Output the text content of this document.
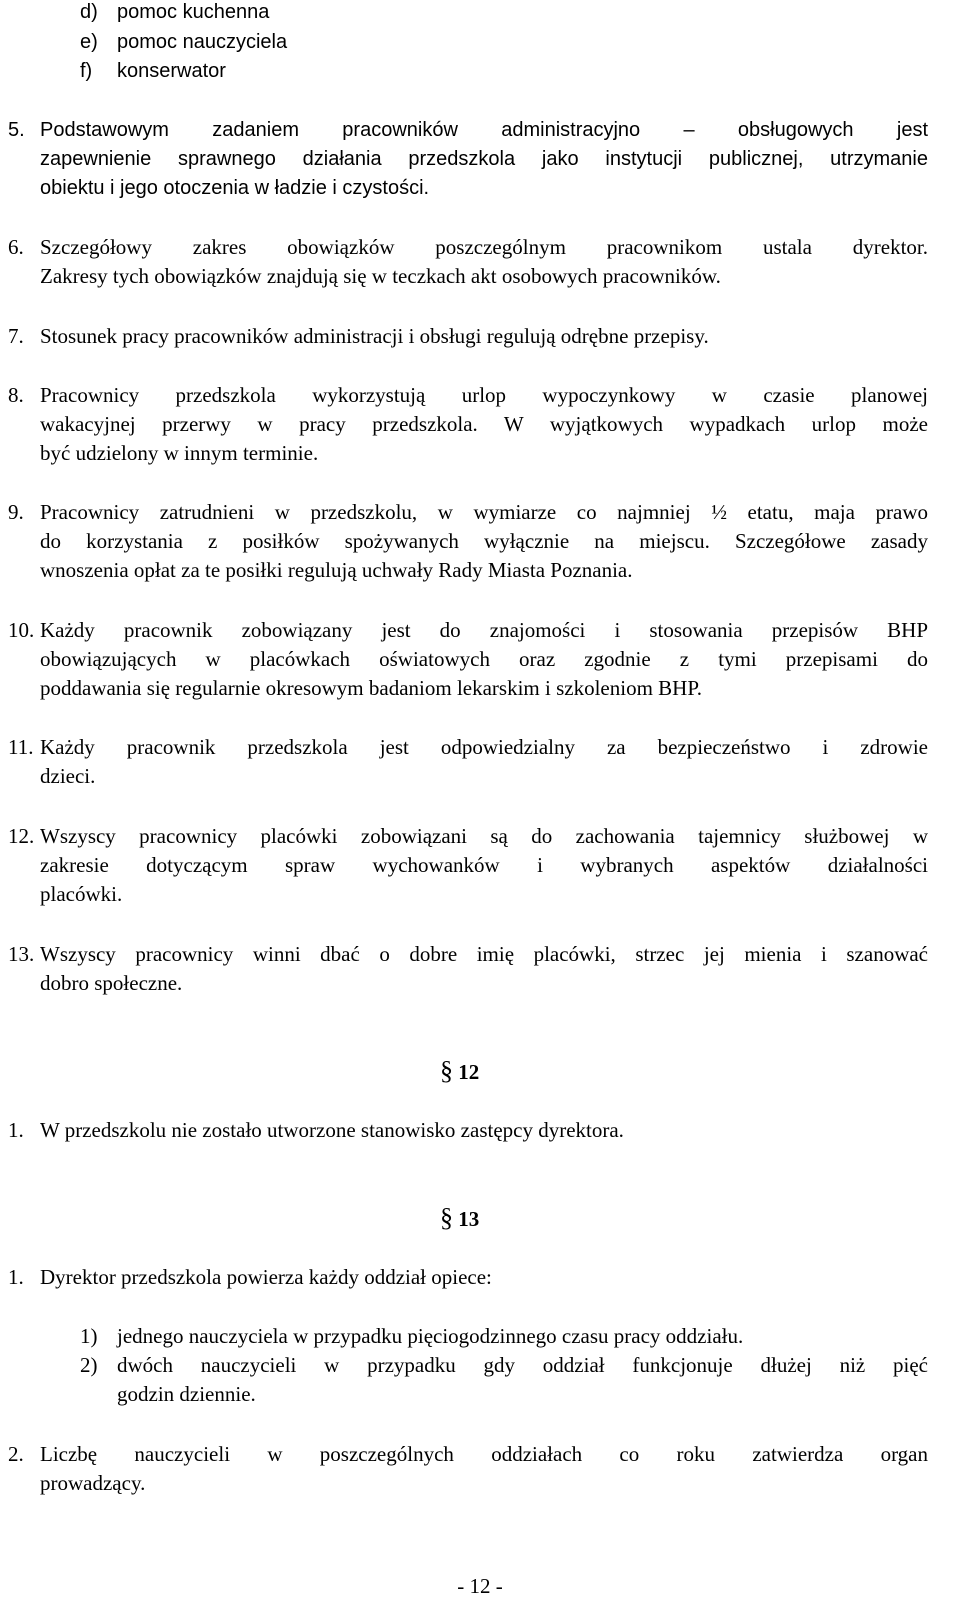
d) pomoc kuchenna
e) pomoc nauczyciela
f) konserwator
5. Podstawowym zadaniem pracowników administracyjno – obsługowych jest
zapewnienie sprawnego działania przedszkola jako instytucji publicznej, utrzymanie
obiektu i jego otoczenia w ładzie i czystości.
6. Szczegółowy zakres obowiązków poszczególnym pracownikom ustala dyrektor.
Zakresy tych obowiązków znajdują się w teczkach akt osobowych pracowników.
7. Stosunek pracy pracowników administracji i obsługi regulują odrębne przepisy.
8. Pracownicy przedszkola wykorzystują urlop wypoczynkowy w czasie planowej
wakacyjnej przerwy w pracy przedszkola. W wyjątkowych wypadkach urlop może
być udzielony w innym terminie.
9. Pracownicy zatrudnieni w przedszkolu, w wymiarze co najmniej ½ etatu, maja prawo
do korzystania z posiłków spożywanych wyłącznie na miejscu. Szczegółowe zasady
wnoszenia opłat za te posiłki regulują uchwały Rady Miasta Poznania.
10. Każdy pracownik zobowiązany jest do znajomości i stosowania przepisów BHP
obowiązujących w placówkach oświatowych oraz zgodnie z tymi przepisami do
poddawania się regularnie okresowym badaniom lekarskim i szkoleniom BHP.
11. Każdy pracownik przedszkola jest odpowiedzialny za bezpieczeństwo i zdrowie
dzieci.
12. Wszyscy pracownicy placówki zobowiązani są do zachowania tajemnicy służbowej w
zakresie dotyczącym spraw wychowanków i wybranych aspektów działalności
placówki.
13. Wszyscy pracownicy winni dbać o dobre imię placówki, strzec jej mienia i szanować
dobro społeczne.
§ 12
1. W przedszkolu nie zostało utworzone stanowisko zastępcy dyrektora.
§ 13
1. Dyrektor przedszkola powierza każdy oddział opiece:
1) jednego nauczyciela w przypadku pięciogodzinnego czasu pracy oddziału.
2) dwóch nauczycieli w przypadku gdy oddział funkcjonuje dłużej niż pięć
godzin dziennie.
2. Liczbę nauczycieli w poszczególnych oddziałach co roku zatwierdza organ
prowadzący.
- 12 -
